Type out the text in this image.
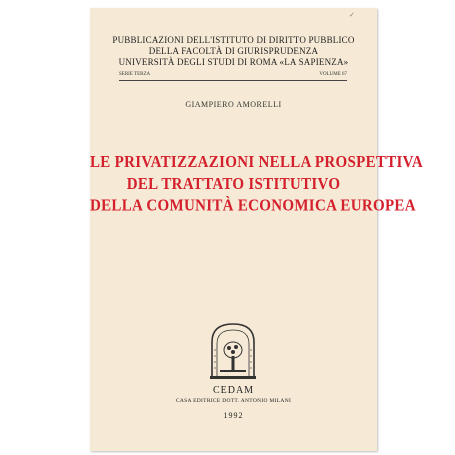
✓
PUBBLICAZIONI DELL'ISTITUTO DI DIRITTO PUBBLICO
DELLA FACOLTÀ DI GIURISPRUDENZA
UNIVERSITÀ DEGLI STUDI DI ROMA «LA SAPIENZA»
SERIE TERZA	VOLUME 67
GIAMPIERO AMORELLI
LE PRIVATIZZAZIONI NELLA PROSPETTIVA
DEL TRATTATO ISTITUTIVO
DELLA COMUNITÀ ECONOMICA EUROPEA
CEDAM
CASA EDITRICE DOTT. ANTONIO MILANI
1992
